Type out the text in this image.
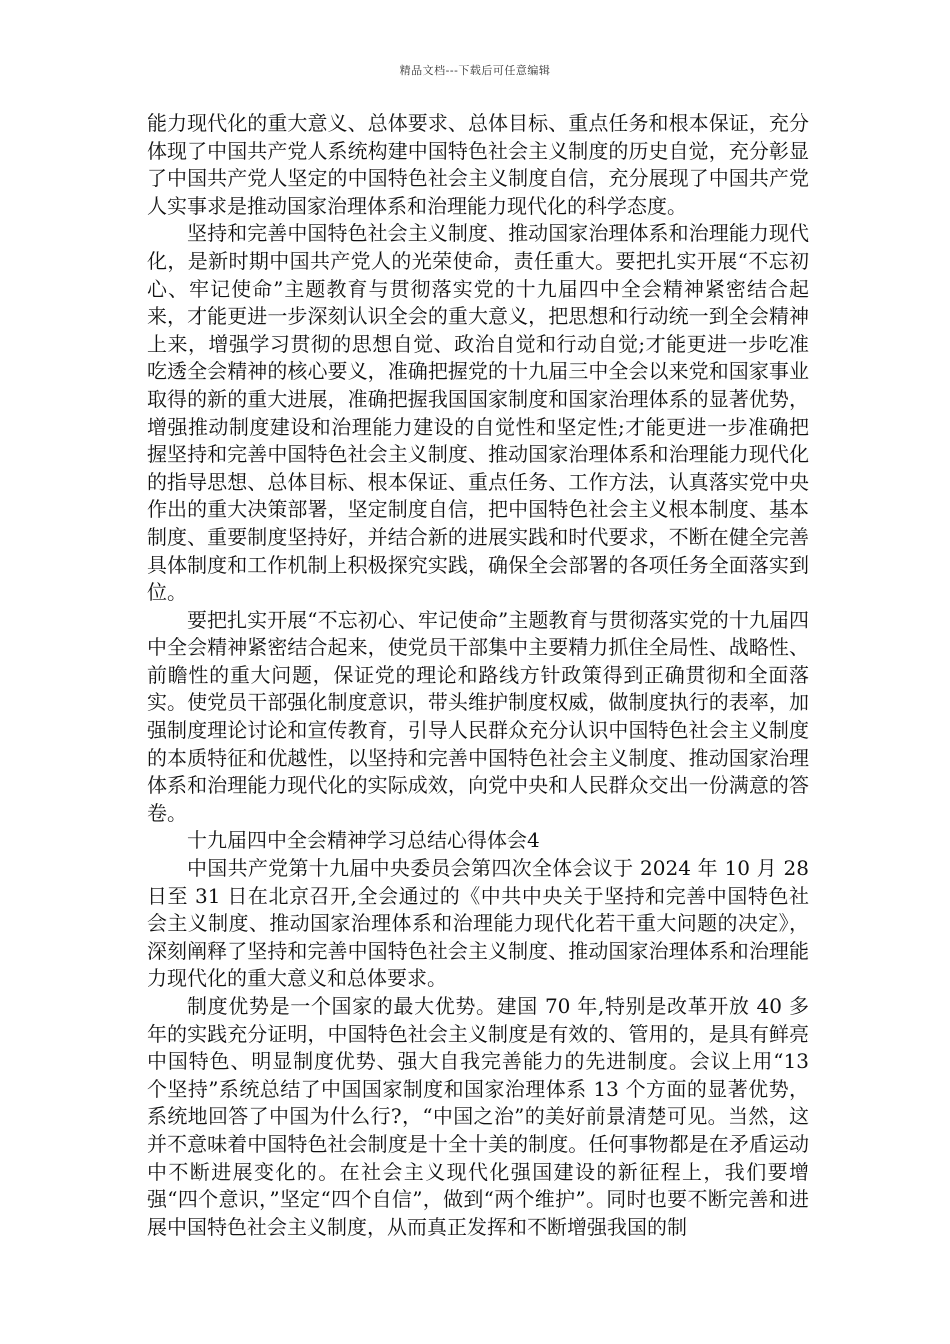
精品文档---下载后可任意编辑

能力现代化的重大意义、总体要求、总体目标、重点任务和根本保证，充分体现了中国共产党人系统构建中国特色社会主义制度的历史自觉，充分彰显了中国共产党人坚定的中国特色社会主义制度自信，充分展现了中国共产党人实事求是推动国家治理体系和治理能力现代化的科学态度。

坚持和完善中国特色社会主义制度、推动国家治理体系和治理能力现代化，是新时期中国共产党人的光荣使命，责任重大。要把扎实开展“不忘初心、牢记使命”主题教育与贯彻落实党的十九届四中全会精神紧密结合起来，才能更进一步深刻认识全会的重大意义，把思想和行动统一到全会精神上来，增强学习贯彻的思想自觉、政治自觉和行动自觉;才能更进一步吃准吃透全会精神的核心要义，准确把握党的十九届三中全会以来党和国家事业取得的新的重大进展，准确把握我国国家制度和国家治理体系的显著优势，增强推动制度建设和治理能力建设的自觉性和坚定性;才能更进一步准确把握坚持和完善中国特色社会主义制度、推动国家治理体系和治理能力现代化的指导思想、总体目标、根本保证、重点任务、工作方法，认真落实党中央作出的重大决策部署，坚定制度自信，把中国特色社会主义根本制度、基本制度、重要制度坚持好，并结合新的进展实践和时代要求，不断在健全完善具体制度和工作机制上积极探究实践，确保全会部署的各项任务全面落实到位。

要把扎实开展“不忘初心、牢记使命”主题教育与贯彻落实党的十九届四中全会精神紧密结合起来，使党员干部集中主要精力抓住全局性、战略性、前瞻性的重大问题，保证党的理论和路线方针政策得到正确贯彻和全面落实。使党员干部强化制度意识，带头维护制度权威，做制度执行的表率，加强制度理论讨论和宣传教育，引导人民群众充分认识中国特色社会主义制度的本质特征和优越性，以坚持和完善中国特色社会主义制度、推动国家治理体系和治理能力现代化的实际成效，向党中央和人民群众交出一份满意的答卷。

十九届四中全会精神学习总结心得体会4

中国共产党第十九届中央委员会第四次全体会议于 2024 年 10 月 28 日至 31 日在北京召开,全会通过的《中共中央关于坚持和完善中国特色社会主义制度、推动国家治理体系和治理能力现代化若干重大问题的决定》，深刻阐释了坚持和完善中国特色社会主义制度、推动国家治理体系和治理能力现代化的重大意义和总体要求。

制度优势是一个国家的最大优势。建国 70 年,特别是改革开放 40 多年的实践充分证明，中国特色社会主义制度是有效的、管用的，是具有鲜亮中国特色、明显制度优势、强大自我完善能力的先进制度。会议上用“13 个坚持”系统总结了中国国家制度和国家治理体系 13 个方面的显著优势，系统地回答了中国为什么行?，“中国之治”的美好前景清楚可见。当然，这并不意味着中国特色社会制度是十全十美的制度。任何事物都是在矛盾运动中不断进展变化的。在社会主义现代化强国建设的新征程上，我们要增强“四个意识，”坚定“四个自信”，做到“两个维护”。同时也要不断完善和进展中国特色社会主义制度，从而真正发挥和不断增强我国的制
